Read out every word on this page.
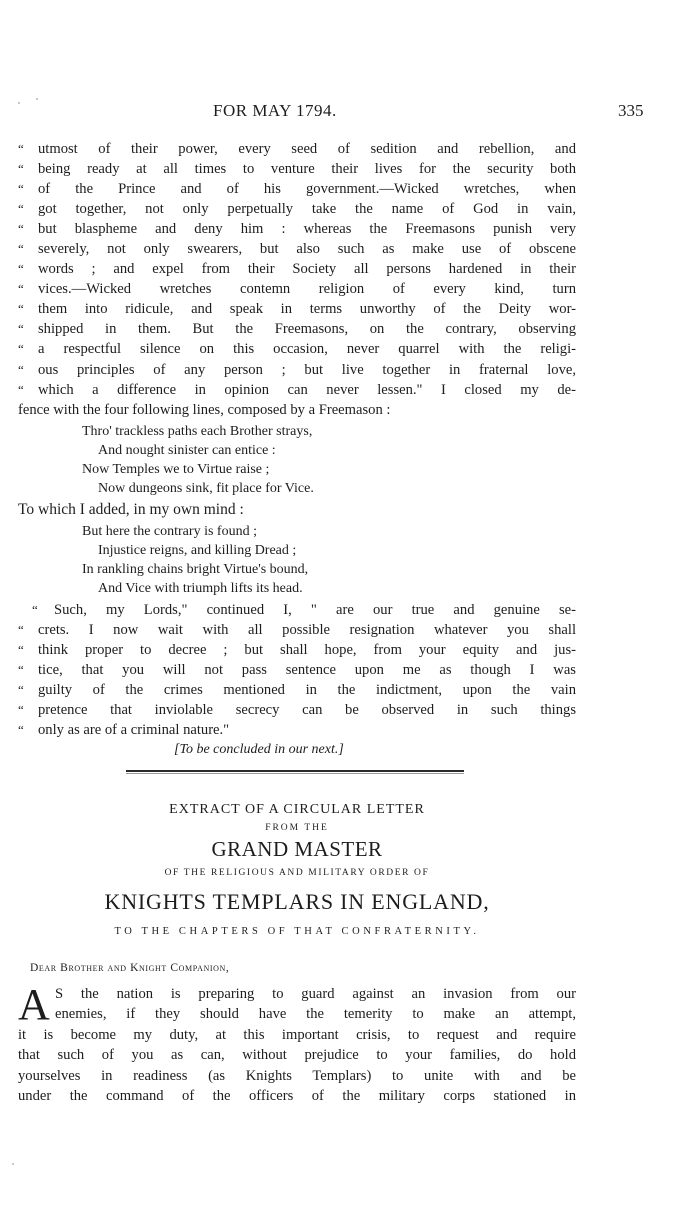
FOR MAY 1794.	335
“ utmost of their power, every seed of sedition and rebellion, and
“ being ready at all times to venture their lives for the security both
“ of the Prince and of his government.—Wicked wretches, when
“ got together, not only perpetually take the name of God in vain,
“ but blaspheme and deny him : whereas the Freemasons punish very
“ severely, not only swearers, but also such as make use of obscene
“ words ; and expel from their Society all persons hardened in their
“ vices.—Wicked wretches contemn religion of every kind, turn
“ them into ridicule, and speak in terms unworthy of the Deity wor-
“ shipped in them. But the Freemasons, on the contrary, observing
“ a respectful silence on this occasion, never quarrel with the religi-
“ ous principles of any person ; but live together in fraternal love,
“ which a difference in opinion can never lessen." I closed my de-
fence with the four following lines, composed by a Freemason :
Thro' trackless paths each Brother strays,
And nought sinister can entice :
Now Temples we to Virtue raise ;
Now dungeons sink, fit place for Vice.
To which I added, in my own mind :
But here the contrary is found ;
Injustice reigns, and killing Dread ;
In rankling chains bright Virtue's bound,
And Vice with triumph lifts its head.
“ Such, my Lords," continued I, " are our true and genuine se-
“ crets. I now wait with all possible resignation whatever you shall
“ think proper to decree ; but shall hope, from your equity and jus-
“ tice, that you will not pass sentence upon me as though I was
“ guilty of the crimes mentioned in the indictment, upon the vain
“ pretence that inviolable secrecy can be observed in such things
“ only as are of a criminal nature."
[To be concluded in our next.]
EXTRACT OF A CIRCULAR LETTER
FROM THE
GRAND MASTER
OF THE RELIGIOUS AND MILITARY ORDER OF
KNIGHTS TEMPLARS IN ENGLAND,
TO THE CHAPTERS OF THAT CONFRATERNITY.
Dear Brother and Knight Companion,
A S the nation is preparing to guard against an invasion from our
enemies, if they should have the temerity to make an attempt,
it is become my duty, at this important crisis, to request and require
that such of you as can, without prejudice to your families, do hold
yourselves in readiness (as Knights Templars) to unite with and be
under the command of the officers of the military corps stationed in
